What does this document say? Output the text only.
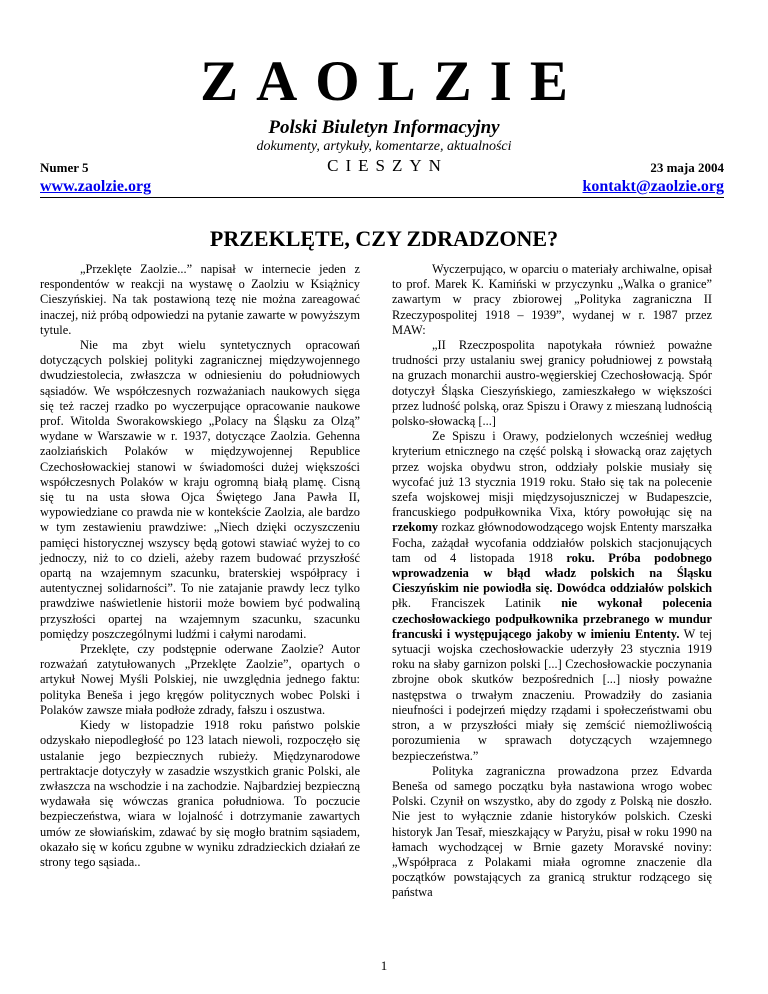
ZAOLZIE
Polski Biuletyn Informacyjny
dokumenty, artykuły, komentarze, aktualności
CIESZYN
Numer 5	23 maja 2004
www.zaolzie.org	kontakt@zaolzie.org
PRZEKLĘTE, CZY ZDRADZONE?

„Przeklęte Zaolzie...” napisał w internecie jeden z respondentów w reakcji na wystawę o Zaolziu w Książnicy Cieszyńskiej. Na tak postawioną tezę nie można zareagować inaczej, niż próbą odpowiedzi na pytanie zawarte w powyższym tytule.

Nie ma zbyt wielu syntetycznych opracowań dotyczących polskiej polityki zagranicznej międzywojennego dwudziestolecia, zwłaszcza w odniesieniu do południowych sąsiadów. We współczesnych rozważaniach naukowych sięga się też raczej rzadko po wyczerpujące opracowanie naukowe prof. Witolda Sworakowskiego „Polacy na Śląsku za Olzą” wydane w Warszawie w r. 1937, dotyczące Zaolzia. Gehenna zaolziańskich Polaków w międzywojennej Republice Czechosłowackiej stanowi w świadomości dużej większości współczesnych Polaków w kraju ogromną białą plamę. Cisną się tu na usta słowa Ojca Świętego Jana Pawła II, wypowiedziane co prawda nie w kontekście Zaolzia, ale bardzo w tym zestawieniu prawdziwe: „Niech dzięki oczyszczeniu pamięci historycznej wszyscy będą gotowi stawiać wyżej to co jednoczy, niż to co dzieli, ażeby razem budować przyszłość opartą na wzajemnym szacunku, braterskiej współpracy i autentycznej solidarności”. To nie zatajanie prawdy lecz tylko prawdziwe naświetlenie historii może bowiem być podwaliną przyszłości opartej na wzajemnym szacunku, szacunku pomiędzy poszczególnymi ludźmi i całymi narodami.

Przeklęte, czy podstępnie oderwane Zaolzie? Autor rozważań zatytułowanych „Przeklęte Zaolzie”, opartych o artykuł Nowej Myśli Polskiej, nie uwzględnia jednego faktu: polityka Beneša i jego kręgów politycznych wobec Polski i Polaków zawsze miała podłoże zdrady, fałszu i oszustwa.

Kiedy w listopadzie 1918 roku państwo polskie odzyskało niepodległość po 123 latach niewoli, rozpoczęło się ustalanie jego bezpiecznych rubieży. Międzynarodowe pertraktacje dotyczyły w zasadzie wszystkich granic Polski, ale zwłaszcza na wschodzie i na zachodzie. Najbardziej bezpieczną wydawała się wówczas granica południowa. To poczucie bezpieczeństwa, wiara w lojalność i dotrzymanie zawartych umów ze słowiańskim, zdawać by się mogło bratnim sąsiadem, okazało się w końcu zgubne w wyniku zdradzieckich działań ze strony tego sąsiada..

Wyczerpująco, w oparciu o materiały archiwalne, opisał to prof. Marek K. Kamiński w przyczynku „Walka o granice” zawartym w pracy zbiorowej „Polityka zagraniczna II Rzeczypospolitej 1918 – 1939”, wydanej w r. 1987 przez MAW:

„II Rzeczpospolita napotykała również poważne trudności przy ustalaniu swej granicy południowej z powstałą na gruzach monarchii austro-węgierskiej Czechosłowacją. Spór dotyczył Śląska Cieszyńskiego, zamieszkałego w większości przez ludność polską, oraz Spiszu i Orawy z mieszaną ludnością polsko-słowacką [...]

Ze Spiszu i Orawy, podzielonych wcześniej według kryterium etnicznego na część polską i słowacką oraz zajętych przez wojska obydwu stron, oddziały polskie musiały się wycofać już 13 stycznia 1919 roku. Stało się tak na polecenie szefa wojskowej misji międzysojuszniczej w Budapeszcie, francuskiego podpułkownika Vixa, który powołując się na rzekomy rozkaz głównodowodzącego wojsk Ententy marszałka Focha, zażądał wycofania oddziałów polskich stacjonujących tam od 4 listopada 1918 roku. Próba podobnego wprowadzenia w błąd władz polskich na Śląsku Cieszyńskim nie powiodła się. Dowódca oddziałów polskich płk. Franciszek Latinik nie wykonał polecenia czechosłowackiego podpułkownika przebranego w mundur francuski i występującego jakoby w imieniu Ententy. W tej sytuacji wojska czechosłowackie uderzyły 23 stycznia 1919 roku na słaby garnizon polski [...] Czechosłowackie poczynania zbrojne obok skutków bezpośrednich [...] niosły poważne następstwa o trwałym znaczeniu. Prowadziły do zasiania nieufności i podejrzeń między rządami i społeczeństwami obu stron, a w przyszłości miały się zemścić niemożliwością porozumienia w sprawach dotyczących wzajemnego bezpieczeństwa.”

Polityka zagraniczna prowadzona przez Edvarda Beneša od samego początku była nastawiona wrogo wobec Polski. Czynił on wszystko, aby do zgody z Polską nie doszło. Nie jest to wyłącznie zdanie historyków polskich. Czeski historyk Jan Tesař, mieszkający w Paryżu, pisał w roku 1990 na łamach wychodzącej w Brnie gazety Moravské noviny: „Współpraca z Polakami miała ogromne znaczenie dla początków powstających za granicą struktur rodzącego się państwa

1
